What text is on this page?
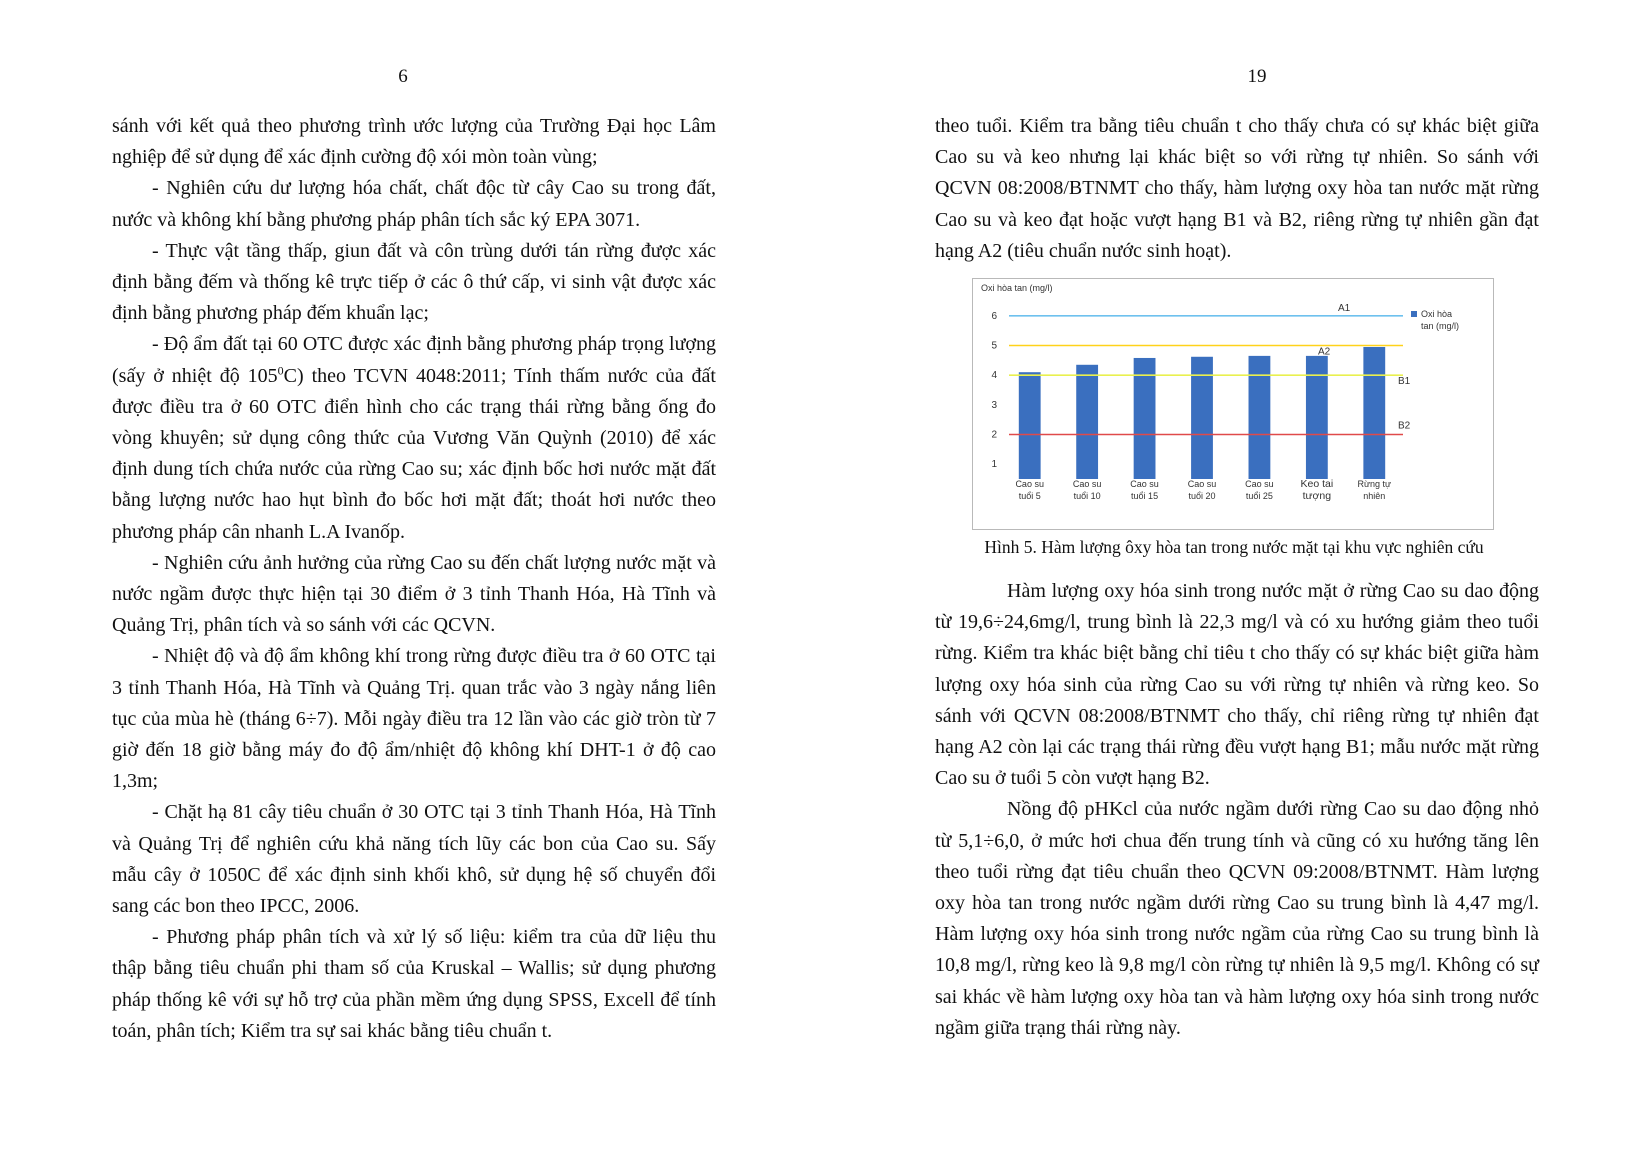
6

sánh với kết quả theo phương trình ước lượng của Trường Đại học Lâm nghiệp để sử dụng để xác định cường độ xói mòn toàn vùng;

- Nghiên cứu dư lượng hóa chất, chất độc từ cây Cao su trong đất, nước và không khí bằng phương pháp phân tích sắc ký EPA 3071.

- Thực vật tầng thấp, giun đất và côn trùng dưới tán rừng được xác định bằng đếm và thống kê trực tiếp ở các ô thứ cấp, vi sinh vật được xác định bằng phương pháp đếm khuẩn lạc;

- Độ ẩm đất tại 60 OTC được xác định bằng phương pháp trọng lượng (sấy ở nhiệt độ $105^0C$) theo TCVN 4048:2011; Tính thấm nước của đất được điều tra ở 60 OTC điển hình cho các trạng thái rừng bằng ống đo vòng khuyên; sử dụng công thức của Vương Văn Quỳnh (2010) để xác định dung tích chứa nước của rừng Cao su; xác định bốc hơi nước mặt đất bằng lượng nước hao hụt bình đo bốc hơi mặt đất; thoát hơi nước theo phương pháp cân nhanh L.A Ivanốp.

- Nghiên cứu ảnh hưởng của rừng Cao su đến chất lượng nước mặt và nước ngầm được thực hiện tại 30 điểm ở 3 tỉnh Thanh Hóa, Hà Tĩnh và Quảng Trị, phân tích và so sánh với các QCVN.

- Nhiệt độ và độ ẩm không khí trong rừng được điều tra ở 60 OTC tại 3 tỉnh Thanh Hóa, Hà Tĩnh và Quảng Trị. quan trắc vào 3 ngày nắng liên tục của mùa hè (tháng 6÷7). Mỗi ngày điều tra 12 lần vào các giờ tròn từ 7 giờ đến 18 giờ bằng máy đo độ ẩm/nhiệt độ không khí DHT-1 ở độ cao 1,3m;

- Chặt hạ 81 cây tiêu chuẩn ở 30 OTC tại 3 tỉnh Thanh Hóa, Hà Tĩnh và Quảng Trị để nghiên cứu khả năng tích lũy các bon của Cao su. Sấy mẫu cây ở 1050C để xác định sinh khối khô, sử dụng hệ số chuyển đổi sang các bon theo IPCC, 2006.

- Phương pháp phân tích và xử lý số liệu: kiểm tra của dữ liệu thu thập bằng tiêu chuẩn phi tham số của Kruskal – Wallis; sử dụng phương pháp thống kê với sự hỗ trợ của phần mềm ứng dụng SPSS, Excell để tính toán, phân tích; Kiểm tra sự sai khác bằng tiêu chuẩn t.

19

theo tuổi. Kiểm tra bằng tiêu chuẩn t cho thấy chưa có sự khác biệt giữa Cao su và keo nhưng lại khác biệt so với rừng tự nhiên. So sánh với QCVN 08:2008/BTNMT cho thấy, hàm lượng oxy hòa tan nước mặt rừng Cao su và keo đạt hoặc vượt hạng B1 và B2, riêng rừng tự nhiên gần đạt hạng A2 (tiêu chuẩn nước sinh hoạt).

Oxi hòa tan (mg/l)
1
2
3
4
5
6
A1
A2
B1
B2
Cao su
tuổi 5
Cao su
tuổi 10
Cao su
tuổi 15
Cao su
tuổi 20
Cao su
tuổi 25
Keo tai
tượng
Rừng tự
nhiên
Oxi hòa
tan (mg/l)
Hình 5. Hàm lượng ôxy hòa tan trong nước mặt tại khu vực nghiên cứu

Hàm lượng oxy hóa sinh trong nước mặt ở rừng Cao su dao động từ 19,6÷24,6mg/l, trung bình là 22,3 mg/l và có xu hướng giảm theo tuổi rừng. Kiểm tra khác biệt bằng chỉ tiêu t cho thấy có sự khác biệt giữa hàm lượng oxy hóa sinh của rừng Cao su với rừng tự nhiên và rừng keo. So sánh với QCVN 08:2008/BTNMT cho thấy, chỉ riêng rừng tự nhiên đạt hạng A2 còn lại các trạng thái rừng đều vượt hạng B1; mẫu nước mặt rừng Cao su ở tuổi 5 còn vượt hạng B2.

Nồng độ pHKcl của nước ngầm dưới rừng Cao su dao động nhỏ từ 5,1÷6,0, ở mức hơi chua đến trung tính và cũng có xu hướng tăng lên theo tuổi rừng đạt tiêu chuẩn theo QCVN 09:2008/BTNMT. Hàm lượng oxy hòa tan trong nước ngầm dưới rừng Cao su trung bình là 4,47 mg/l. Hàm lượng oxy hóa sinh trong nước ngầm của rừng Cao su trung bình là 10,8 mg/l, rừng keo là 9,8 mg/l còn rừng tự nhiên là 9,5 mg/l. Không có sự sai khác về hàm lượng oxy hòa tan và hàm lượng oxy hóa sinh trong nước ngầm giữa trạng thái rừng này.
